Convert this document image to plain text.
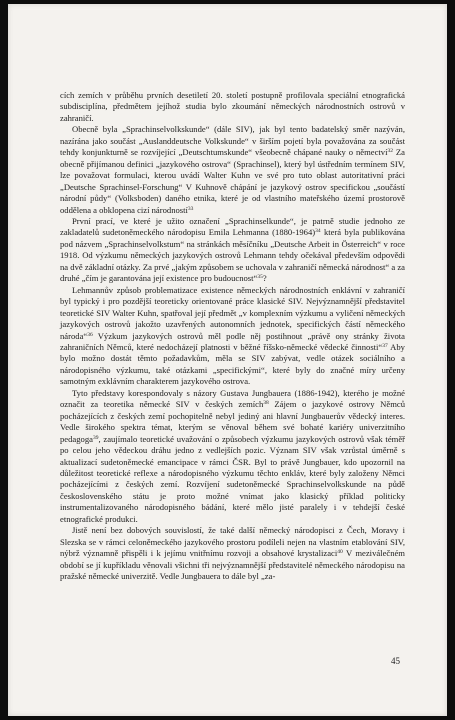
cích zemích v průběhu prvních desetiletí 20. století postupně profilovala speciální etnografická subdisciplína, předmětem jejíhož studia bylo zkoumání německých národnostních ostrovů v zahraničí.

Obecně byla „Sprachinselvolkskunde“ (dále SIV), jak byl tento badatelský směr nazýván, nazírána jako součást „Auslanddeutsche Volkskunde“ v širším pojetí byla považována za součást tehdy konjunkturně se rozvíjející „Deutschtumskunde“ všeobecně chápané nauky o němectví$^{32}$ Za obecně přijímanou definici „jazykového ostrova“ (Sprachinsel), který byl ústředním termínem SIV, lze považovat formulaci, kterou uvádí Walter Kuhn ve své pro tuto oblast autoritativní práci „Deutsche Sprachinsel-Forschung“ V Kuhnově chápání je jazykový ostrov specifickou „součástí národní půdy“ (Volksboden) daného etnika, které je od vlastního mateřského území prostorově oddělena a obklopena cizí národností$^{33}$

První prací, ve které je užito označení „Sprachinselkunde“, je patrně studie jednoho ze zakladatelů sudetoněmeckého národopisu Emila Lehmanna (1880-1964)$^{34}$ která byla publikována pod názvem „Sprachinselvolkstum“ na stránkách měsíčníku „Deutsche Arbeit in Österreich“ v roce 1918. Od výzkumu německých jazykových ostrovů Lehmann tehdy očekával především odpovědi na dvě základní otázky. Za prvé „jakým způsobem se uchovala v zahraničí německá národnost“ a za druhé „čím je garantována její existence pro budoucnost“$^{35}$?

Lehmannův způsob problematizace existence německých národnostních enklávní v zahraničí byl typický i pro pozdější teoreticky orientované práce klasické SIV. Nejvýznamnější představitel teoretické SIV Walter Kuhn, spatřoval její předmět „v komplexním výzkumu a vyličení německých jazykových ostrovů jakožto uzavřených autonomních jednotek, specifických částí německého národa“$^{36}$ Výzkum jazykových ostrovů měl podle něj postihnout „právě ony stránky života zahraničních Němců, které nedocházejí platnosti v běžné říšsko-německé vědecké činnosti“$^{37}$ Aby bylo možno dostát těmto požadavkům, měla se SIV zabývat, vedle otázek sociálního a národopisného výzkumu, také otázkami „specifickými“, které byly do značné míry určeny samotným exklávním charakterem jazykového ostrova.

Tyto představy korespondovaly s názory Gustava Jungbauera (1886-1942), kterého je možné označit za teoretika německé SIV v českých zemích$^{38}$ Zájem o jazykové ostrovy Němců pocházejících z českých zemí pochopitelně nebyl jediný ani hlavní Jungbauerův vědecký interes. Vedle širokého spektra témat, kterým se věnoval během své bohaté kariéry univerzitního pedagoga$^{39}$, zaujímalo teoretické uvažování o způsobech výzkumu jazykových ostrovů však téměř po celou jeho vědeckou dráhu jedno z vedlejších pozic. Význam SIV však vzrůstal úměrně s aktualizací sudetoněmecké emancipace v rámci ČSR. Byl to právě Jungbauer, kdo upozornil na důležitost teoretické reflexe a národopisného výzkumu těchto enkláv, které byly založeny Němci pocházejícími z českých zemí. Rozvíjení sudetoněmecké Sprachinselvolkskunde na půdě československého státu je proto možné vnímat jako klasický příklad politicky instrumentalizovaného národopisného bádání, které mělo jisté paralely i v tehdejší české etnografické produkci.

Jistě není bez dobových souvislostí, že také další německý národopisci z Čech, Moravy i Slezska se v rámci celoněmeckého jazykového prostoru podíleli nejen na vlastním etablování SIV, nýbrž významně přispěli i k jejímu vnitřnímu rozvoji a obsahové krystalizaci$^{40}$ V meziválečném období se jí kupříkladu věnovali všichni tři nejvýznamnější představitelé německého národopisu na pražské německé univerzitě. Vedle Jungbauera to dále byl „za-

45
